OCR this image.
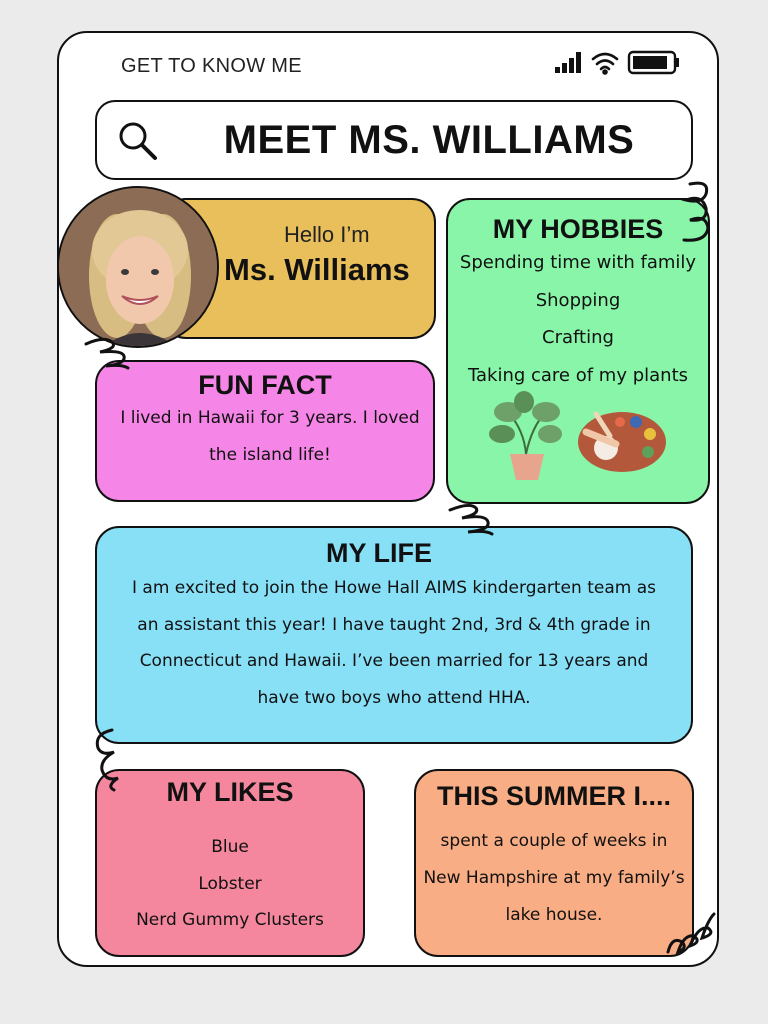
GET TO KNOW ME
MEET MS. WILLIAMS
Hello I’m
Ms. Williams
MY HOBBIES
Spending time with family
Shopping
Crafting
Taking care of my plants
FUN FACT
I lived in Hawaii for 3 years. I loved
the island life!
MY LIFE
I am excited to join the Howe Hall AIMS kindergarten team as
an assistant this year! I have taught 2nd, 3rd & 4th grade in
Connecticut and Hawaii. I’ve been married for 13 years and
have two boys who attend HHA.
MY LIKES
Blue
Lobster
Nerd Gummy Clusters
THIS SUMMER I....
spent a couple of weeks in
New Hampshire at my family’s
lake house.
